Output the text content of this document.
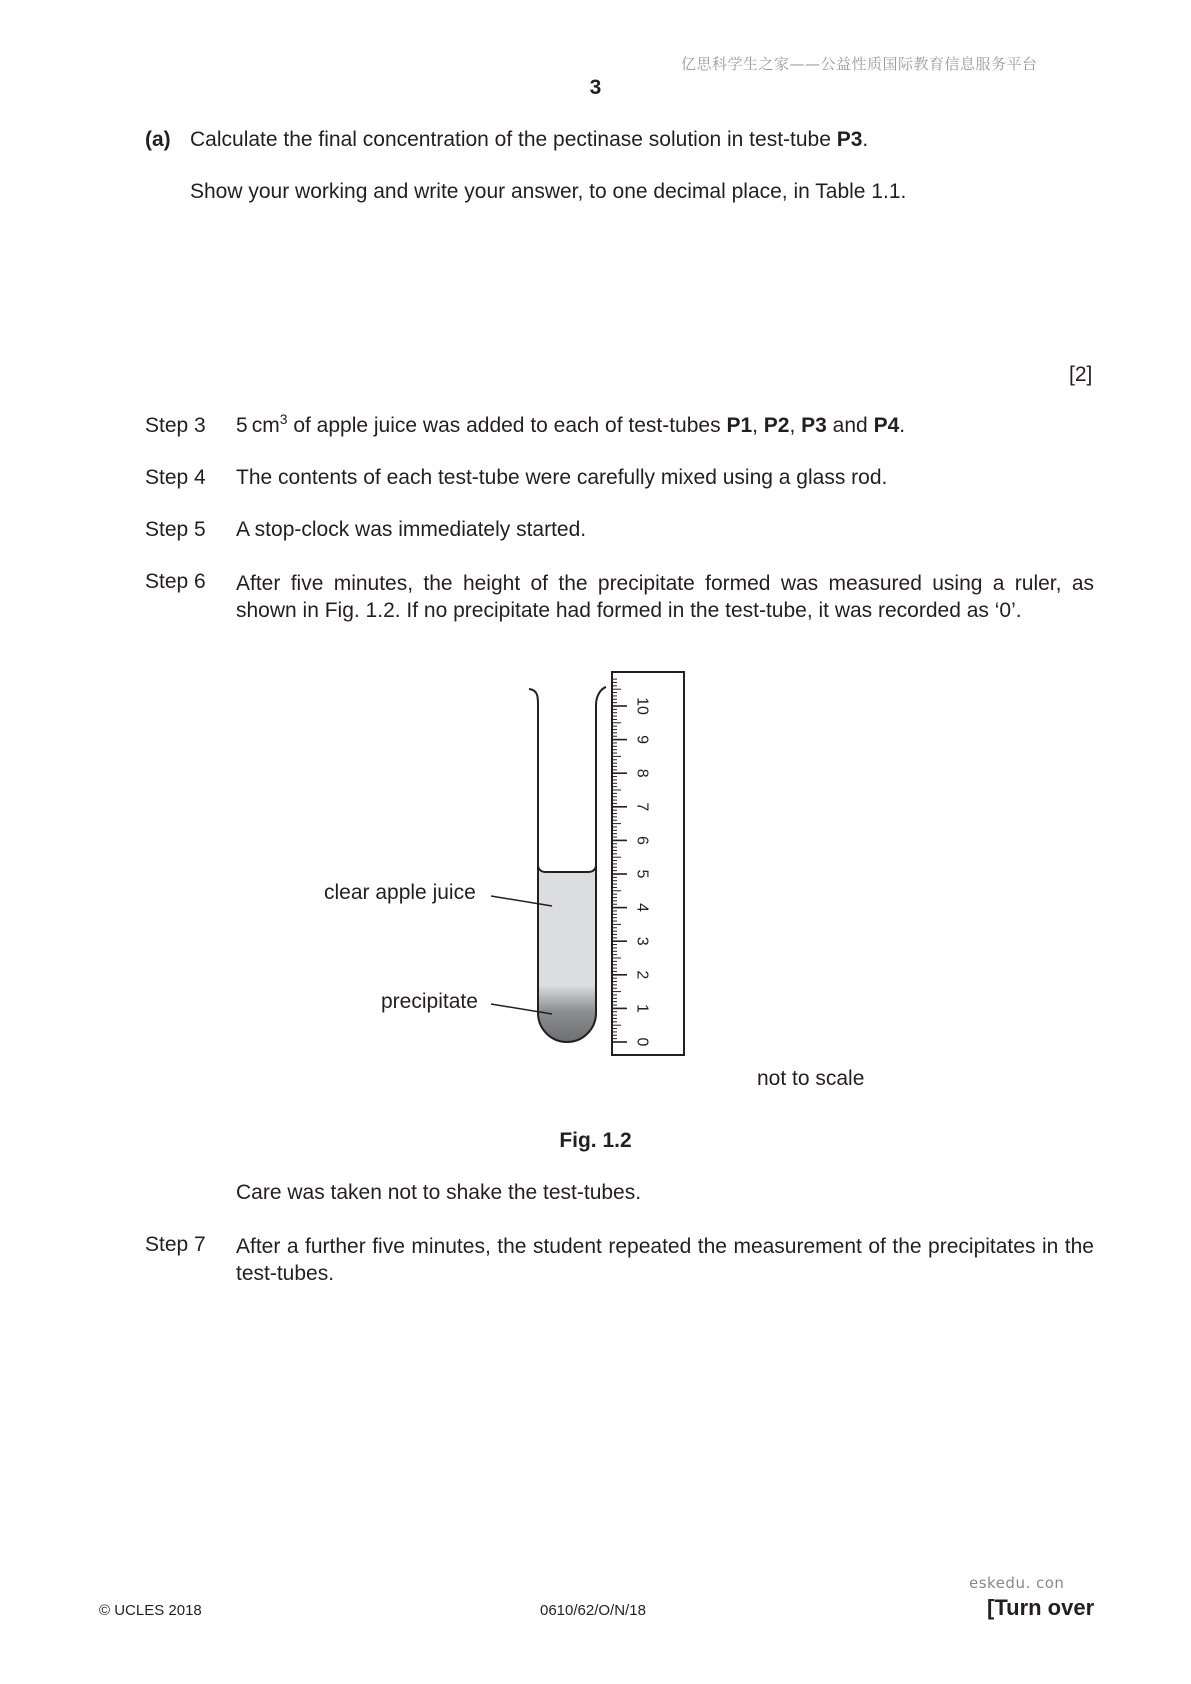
亿思科学生之家——公益性质国际教育信息服务平台
3
(a) Calculate the final concentration of the pectinase solution in test-tube P3.
Show your working and write your answer, to one decimal place, in Table 1.1.
[2]
Step 3 5 $cm^3$ of apple juice was added to each of test-tubes P1, P2, P3 and P4.
Step 4 The contents of each test-tube were carefully mixed using a glass rod.
Step 5 A stop-clock was immediately started.
Step 6 After five minutes, the height of the precipitate formed was measured using a ruler, as shown in Fig. 1.2. If no precipitate had formed in the test-tube, it was recorded as ‘0’.
0
1
2
3
4
5
6
7
8
9
10
clear apple juice
precipitate
not to scale
Fig. 1.2
Care was taken not to shake the test-tubes.
Step 7 After a further five minutes, the student repeated the measurement of the precipitates in the test-tubes.
eskedu. con
© UCLES 2018	0610/62/O/N/18	[Turn over
